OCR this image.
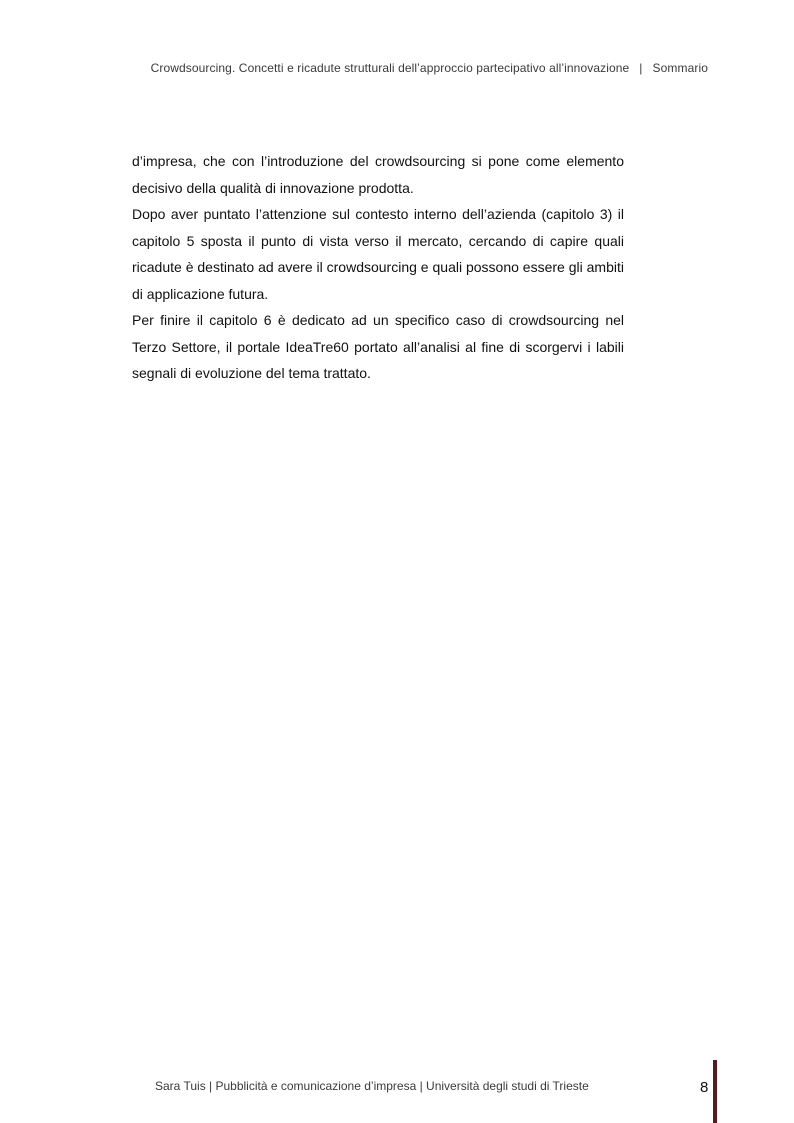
Crowdsourcing. Concetti e ricadute strutturali dell’approccio partecipativo all’innovazione | Sommario

d’impresa, che con l’introduzione del crowdsourcing si pone come elemento decisivo della qualità di innovazione prodotta.

Dopo aver puntato l’attenzione sul contesto interno dell’azienda (capitolo 3) il capitolo 5 sposta il punto di vista verso il mercato, cercando di capire quali ricadute è destinato ad avere il crowdsourcing e quali possono essere gli ambiti di applicazione futura.

Per finire il capitolo 6 è dedicato ad un specifico caso di crowdsourcing nel Terzo Settore, il portale IdeaTre60 portato all’analisi al fine di scorgervi i labili segnali di evoluzione del tema trattato.

Sara Tuis | Pubblicità e comunicazione d’impresa | Università degli studi di Trieste	8
